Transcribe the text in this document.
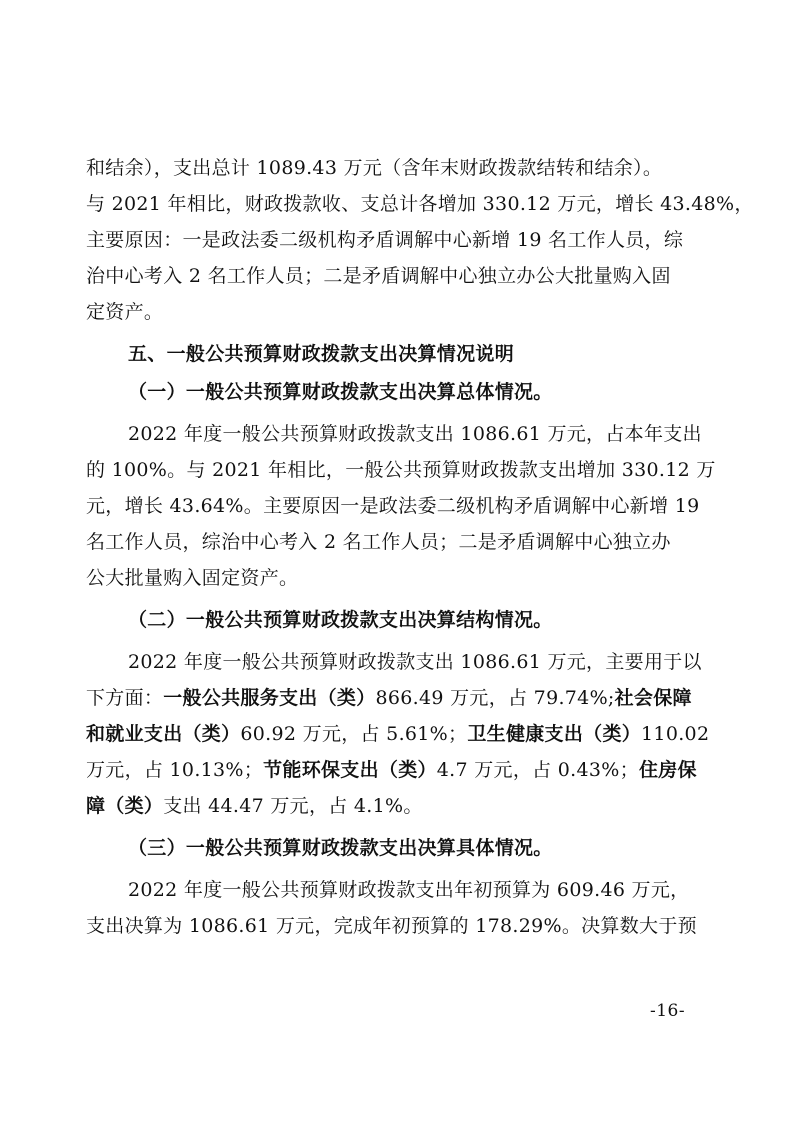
和结余），支出总计 1089.43 万元（含年末财政拨款结转和结余）。
与 2021 年相比，财政拨款收、支总计各增加 330.12 万元，增长 43.48%，
主要原因：一是政法委二级机构矛盾调解中心新增 19 名工作人员，综
治中心考入 2 名工作人员；二是矛盾调解中心独立办公大批量购入固
定资产。
五、一般公共预算财政拨款支出决算情况说明
（一）一般公共预算财政拨款支出决算总体情况。
2022 年度一般公共预算财政拨款支出 1086.61 万元，占本年支出
的 100%。与 2021 年相比，一般公共预算财政拨款支出增加 330.12 万
元，增长 43.64%。主要原因一是政法委二级机构矛盾调解中心新增 19
名工作人员，综治中心考入 2 名工作人员；二是矛盾调解中心独立办
公大批量购入固定资产。
（二）一般公共预算财政拨款支出决算结构情况。
2022 年度一般公共预算财政拨款支出 1086.61 万元，主要用于以
下方面：一般公共服务支出（类）866.49 万元，占 79.74%;社会保障
和就业支出（类）60.92 万元，占 5.61%；卫生健康支出（类）110.02
万元，占 10.13%；节能环保支出（类）4.7 万元，占 0.43%；住房保
障（类）支出 44.47 万元，占 4.1%。
（三）一般公共预算财政拨款支出决算具体情况。
2022 年度一般公共预算财政拨款支出年初预算为 609.46 万元，
支出决算为 1086.61 万元，完成年初预算的 178.29%。决算数大于预
-16-
